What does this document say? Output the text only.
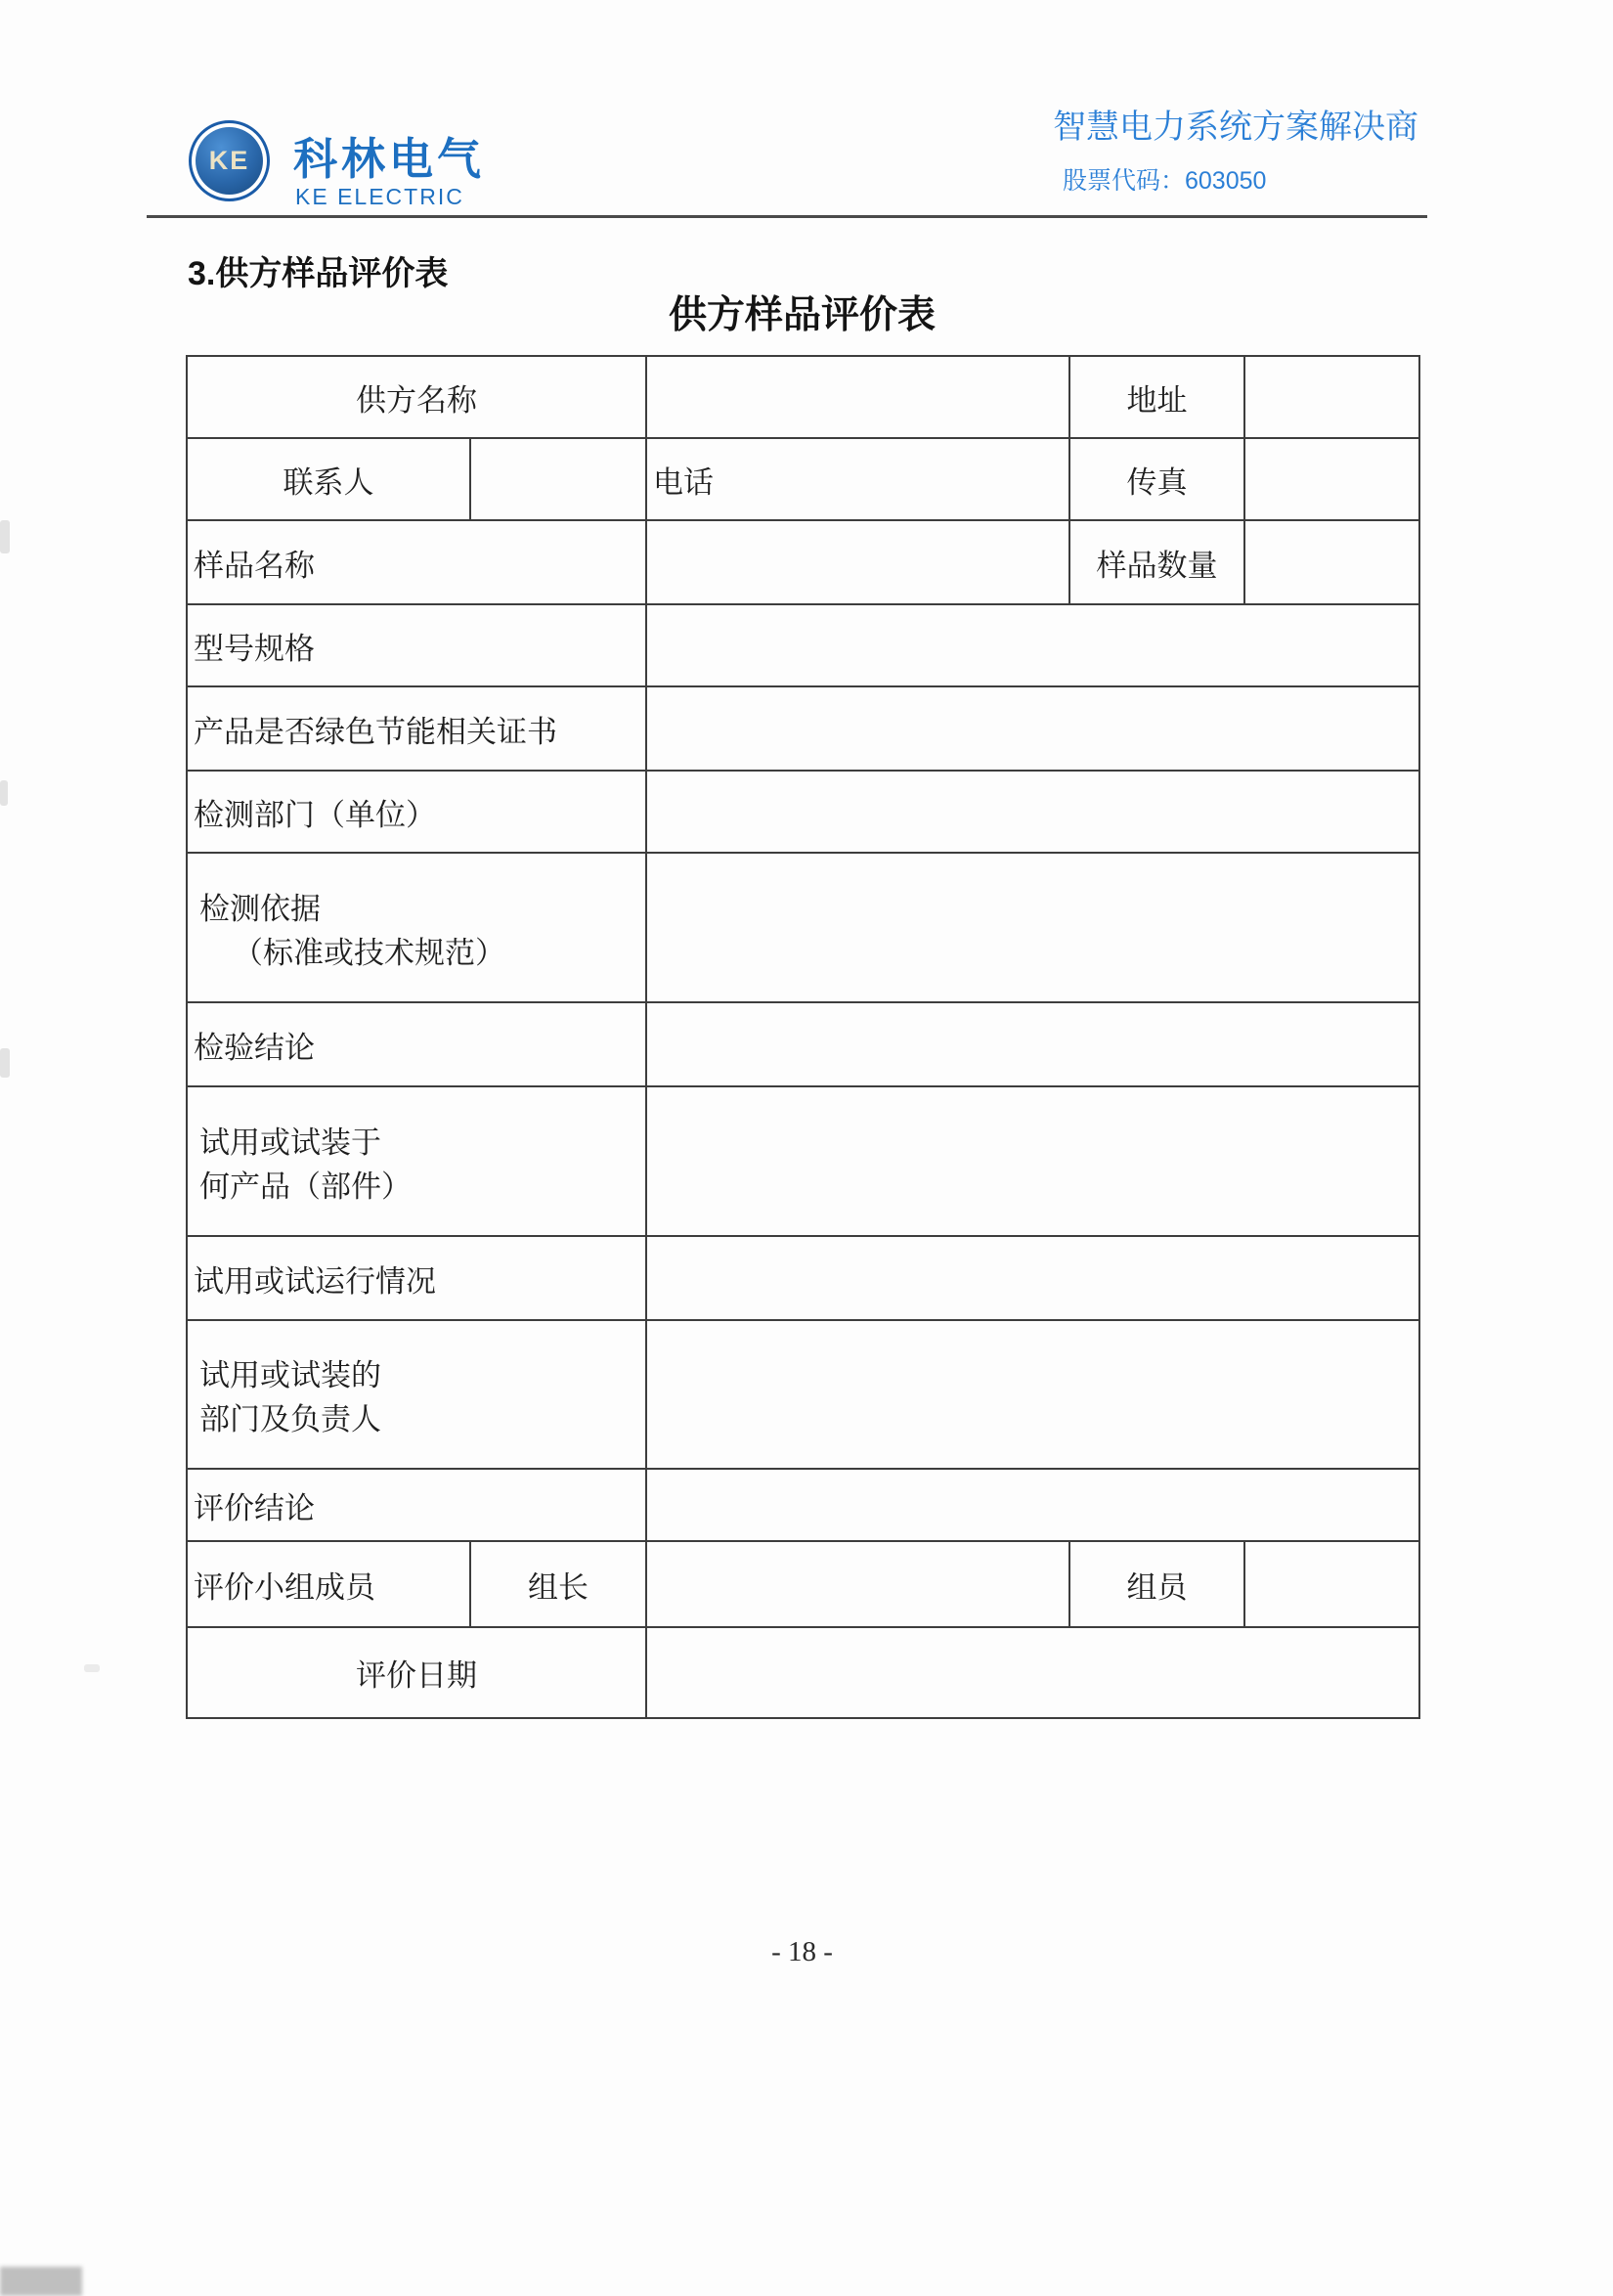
KE 科林电气
KE ELECTRIC
智慧电力系统方案解决商
股票代码：603050
3.供方样品评价表
供方样品评价表
供方名称			地址	
联系人		电话	传真	
样品名称			样品数量	
型号规格				
产品是否绿色节能相关证书				
检测部门（单位）				

检测依据
（标准或技术规范）				

检验结论				

试用或试装于
何产品（部件）				

试用或试运行情况				

试用或试装的
部门及负责人				

评价结论				
评价小组成员	组长		组员	
评价日期				
- 18 -
